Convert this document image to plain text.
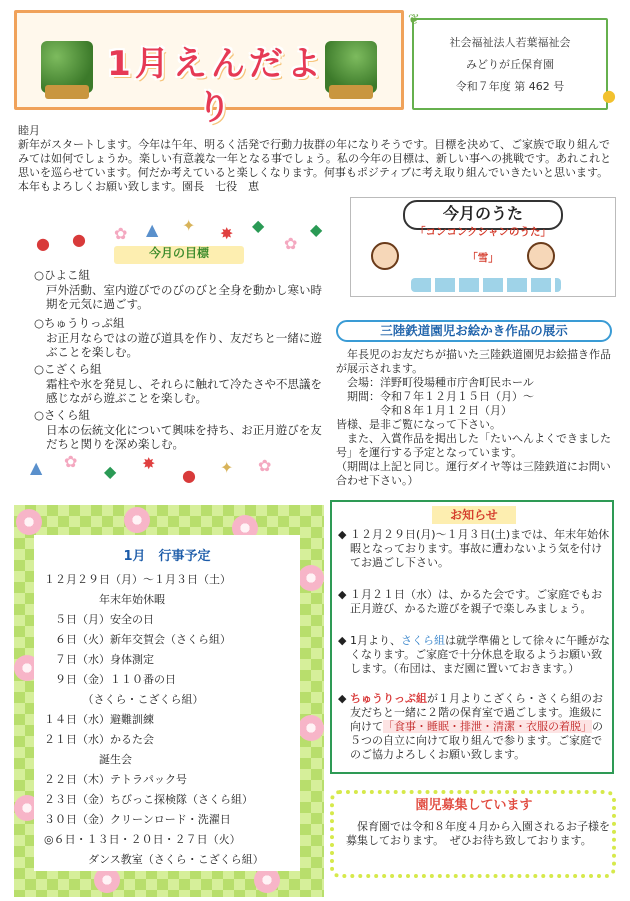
1月えんだより
❦
●
社会福祉法人若葉福祉会
みどりが丘保育園
令和７年度 第 462 号
睦月
新年がスタートします。今年は午年、明るく活発で行動力抜群の年になりそうです。目標を決めて、ご家族で取り組んでみては如何でしょうか。楽しい有意義な一年となる事でしょう。私の今年の目標は、新しい事への挑戦です。あれこれと思いを巡らせています。何だか考えていると楽しくなります。何事もポジティブに考え取り組んでいきたいと思います。本年もよろしくお願い致します。園長　七役　恵
● ● ✿ ▲ ✦ ✸ ◆
✿
◆
今月の目標
○ひよこ組
戸外活動、室内遊びでのびのびと全身を動かし寒い時期を元気に過ごす。
○ちゅうりっぷ組
お正月ならではの遊び道具を作り、友だちと一緒に遊ぶことを楽しむ。
○こざくら組
霜柱や氷を発見し、それらに触れて冷たさや不思議を感じながら遊ぶことを楽しむ。
○さくら組
日本の伝統文化について興味を持ち、お正月遊びを友だちと関りを深め楽しむ。
▲ ✿
◆ ✸
● ✦ ✿
今月のうた
「コンコンクシャンのうた」
「雪」
三陸鉄道園児お絵かき作品の展示
　年長児のお友だちが描いた三陸鉄道園児お絵描き作品が展示されます。
　会場：洋野町役場種市庁舎町民ホール
　期間：令和７年１２月１５日（月）～
　　　　令和８年１月１２日（月）
皆様、是非ご覧になって下さい。
　また、入賞作品を掲出した「たいへんよくできました号」を運行する予定となっています。
（期間は上記と同じ。運行ダイヤ等は三陸鉄道にお問い合わせ下さい。）
1月　行事予定
１２月２９日（月）～１月３日（土）
　　　　　年末年始休暇
　５日（月）安全の日
　６日（火）新年交賀会（さくら組）
　７日（水）身体測定
　９日（金）１１０番の日
　　　　（さくら・こざくら組）
１４日（水）避難訓練
２１日（水）かるた会
　　　　　誕生会
２２日（木）テトラパック号
２３日（金）ちびっこ探検隊（さくら組）
３０日（金）クリーンロード・洗濯日
◎６日・１３日・２０日・２７日（火）
　　　　ダンス教室（さくら・こざくら組）
お知らせ
◆ １２月２９日(月)～１月３日(土)までは、年末年始休暇となっております。事故に遭わないよう気を付けてお過ごし下さい。
◆ １月２１日（水）は、かるた会です。ご家庭でもお正月遊び、かるた遊びを親子で楽しみましょう。
◆ 1月より、さくら組は就学準備として徐々に午睡がなくなります。ご家庭で十分休息を取るようお願い致します。（布団は、まだ園に置いておきます。）
◆ ちゅうりっぷ組が１月よりこざくら・さくら組のお友だちと一緒に２階の保育室で過ごします。進級に向けて「食事・睡眠・排泄・清潔・衣服の着脱」の５つの自立に向けて取り組んで参ります。ご家庭でのご協力よろしくお願い致します。
園児募集しています
　保育園では令和８年度４月から入園されるお子様を募集しております。　ぜひお待ち致しております。
